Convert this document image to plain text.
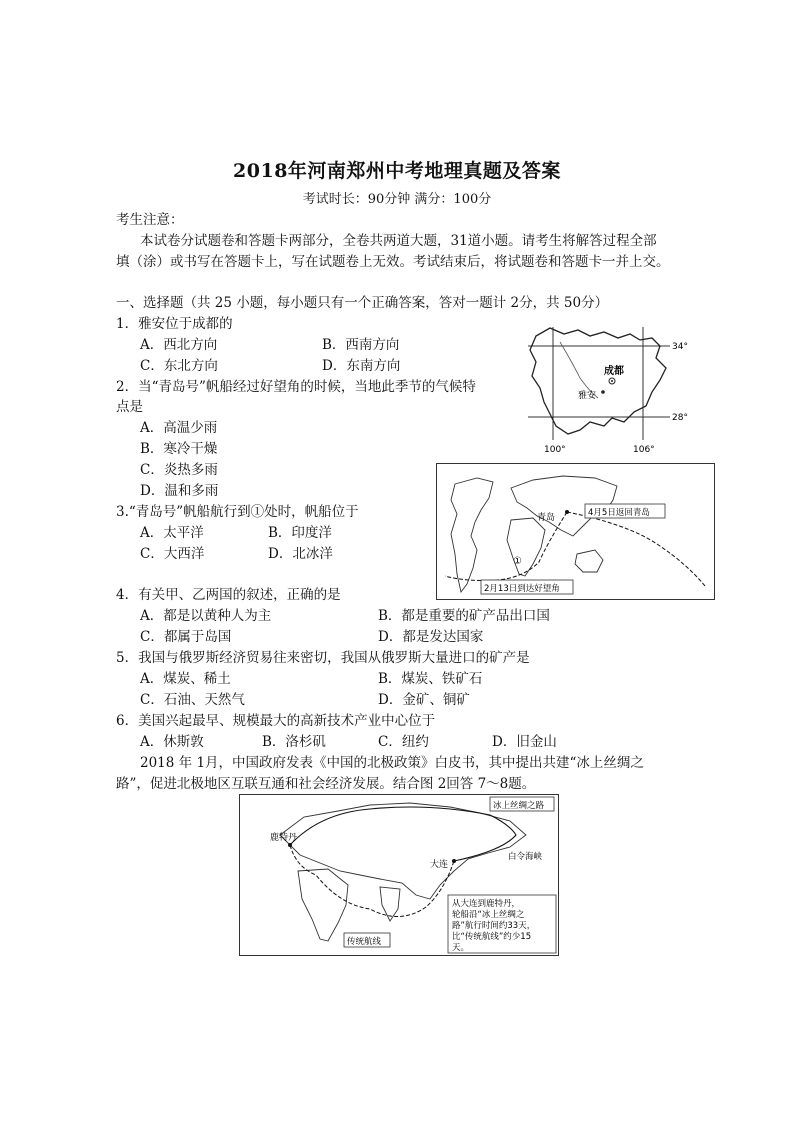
2018年河南郑州中考地理真题及答案
考试时长：90分钟 满分：100分
考生注意：
本试卷分试题卷和答题卡两部分，全卷共两道大题，31道小题。请考生将解答过程全部
填（涂）或书写在答题卡上，写在试题卷上无效。考试结束后，将试题卷和答题卡一并上交。
一、选择题（共 25 小题，每小题只有一个正确答案，答对一题计 2分，共 50分）
1．雅安位于成都的
A．西北方向	B．西南方向
C．东北方向	D．东南方向
2．当“青岛号”帆船经过好望角的时候，当地此季节的气候特
点是
A．高温少雨
B．寒冷干燥
C．炎热多雨
D．温和多雨
3.“青岛号”帆船航行到①处时，帆船位于
A．太平洋	B．印度洋
C．大西洋	D．北冰洋
4．有关甲、乙两国的叙述，正确的是
A．都是以黄种人为主	B．都是重要的矿产品出口国
C．都属于岛国	D．都是发达国家
5．我国与俄罗斯经济贸易往来密切，我国从俄罗斯大量进口的矿产是
A．煤炭、稀土	B．煤炭、铁矿石
C．石油、天然气	D．金矿、铜矿
6．美国兴起最早、规模最大的高新技术产业中心位于
A．休斯敦	B．洛杉矶	C．纽约	D．旧金山
2018 年 1月，中国政府发表《中国的北极政策》白皮书，其中提出共建“冰上丝绸之
路”，促进北极地区互联互通和社会经济发展。结合图 2回答 7～8题。
成都
雅安
34°
28°
100°	106°
青岛
①
4月5日返回青岛
2月13日到达好望角
鹿特丹
大连
白令海峡
冰上丝绸之路
传统航线
从大连到鹿特丹，
轮船沿“冰上丝绸之
路”航行时间约33天，
比“传统航线”约少15
天。
